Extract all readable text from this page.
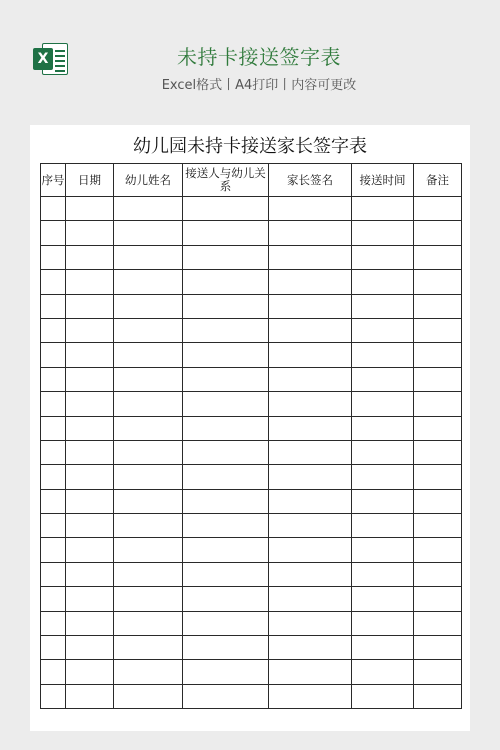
X	未持卡接送签字表
Excel格式丨A4打印丨内容可更改
幼儿园未持卡接送家长签字表
序号	日期	幼儿姓名	接送人与幼儿关系	家长签名	接送时间	备注
